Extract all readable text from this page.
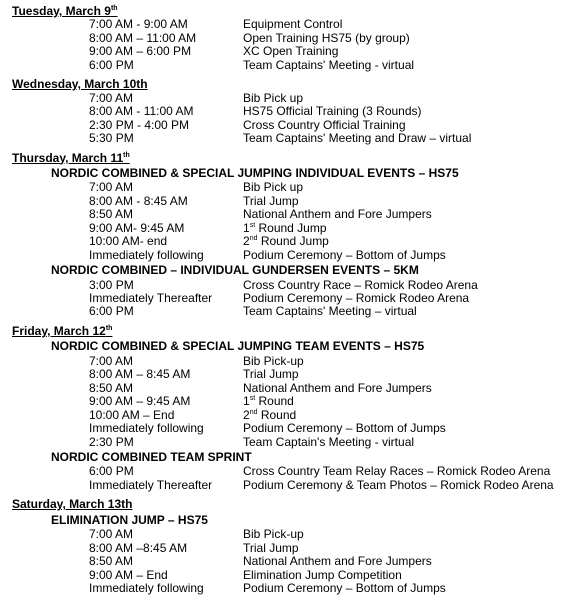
Tuesday, March 9th
7:00 AM - 9:00 AM	Equipment Control
8:00 AM – 11:00 AM	Open Training HS75 (by group)
9:00 AM – 6:00 PM	XC Open Training
6:00 PM	Team Captains' Meeting - virtual
Wednesday, March 10th
7:00 AM	Bib Pick up
8:00 AM - 11:00 AM	HS75 Official Training (3 Rounds)
2:30 PM - 4:00 PM	Cross Country Official Training
5:30 PM	Team Captains' Meeting and Draw – virtual
Thursday, March 11th
NORDIC COMBINED & SPECIAL JUMPING INDIVIDUAL EVENTS – HS75
7:00 AM	Bib Pick up
8:00 AM - 8:45 AM	Trial Jump
8:50 AM	National Anthem and Fore Jumpers
9:00 AM- 9:45 AM	1st Round Jump
10:00 AM- end	2nd Round Jump
Immediately following	Podium Ceremony – Bottom of Jumps
NORDIC COMBINED – INDIVIDUAL GUNDERSEN EVENTS – 5KM
3:00 PM	Cross Country Race – Romick Rodeo Arena
Immediately Thereafter	Podium Ceremony – Romick Rodeo Arena
6:00 PM	Team Captains' Meeting – virtual
Friday, March 12th
NORDIC COMBINED & SPECIAL JUMPING TEAM EVENTS – HS75
7:00 AM	Bib Pick-up
8:00 AM – 8:45 AM	Trial Jump
8:50 AM	National Anthem and Fore Jumpers
9:00 AM – 9:45 AM	1st Round
10:00 AM – End	2nd Round
Immediately following	Podium Ceremony – Bottom of Jumps
2:30 PM	Team Captain's Meeting - virtual
NORDIC COMBINED TEAM SPRINT
6:00 PM	Cross Country Team Relay Races – Romick Rodeo Arena
Immediately Thereafter	Podium Ceremony & Team Photos – Romick Rodeo Arena
Saturday, March 13th
ELIMINATION JUMP – HS75
7:00 AM	Bib Pick-up
8:00 AM –8:45 AM	Trial Jump
8:50 AM	National Anthem and Fore Jumpers
9:00 AM – End	Elimination Jump Competition
Immediately following	Podium Ceremony – Bottom of Jumps
